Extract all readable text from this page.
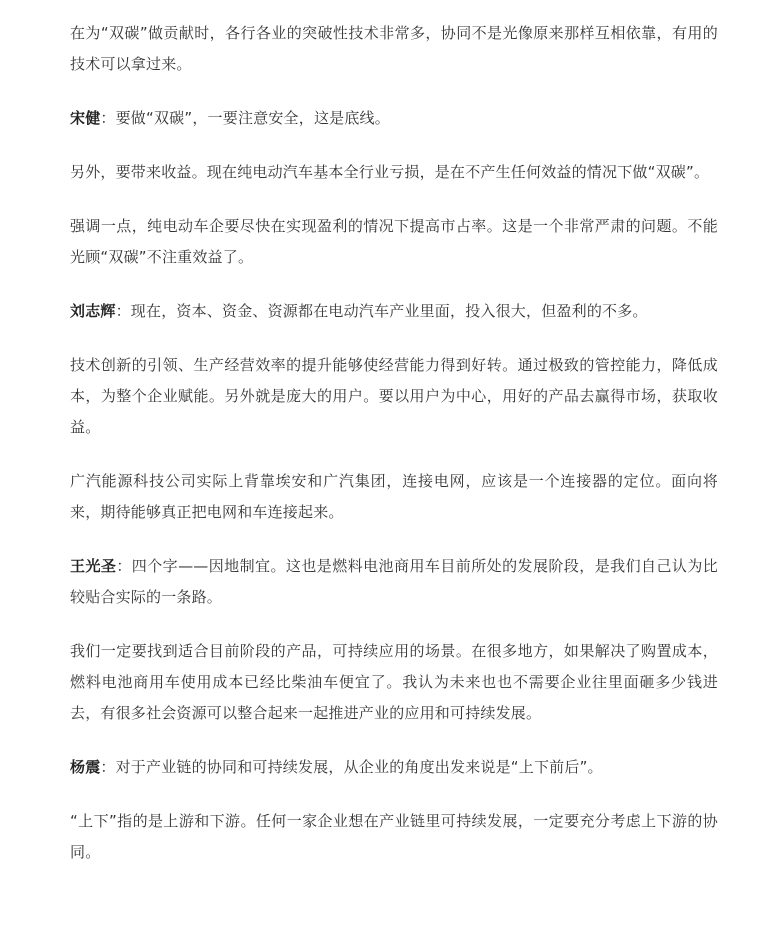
在为“双碳”做贡献时，各行各业的突破性技术非常多，协同不是光像原来那样互相依靠，有用的技术可以拿过来。

宋健：要做“双碳”，一要注意安全，这是底线。

另外，要带来收益。现在纯电动汽车基本全行业亏损，是在不产生任何效益的情况下做“双碳”。

强调一点，纯电动车企要尽快在实现盈利的情况下提高市占率。这是一个非常严肃的问题。不能光顾“双碳”不注重效益了。

刘志辉：现在，资本、资金、资源都在电动汽车产业里面，投入很大，但盈利的不多。

技术创新的引领、生产经营效率的提升能够使经营能力得到好转。通过极致的管控能力，降低成本，为整个企业赋能。另外就是庞大的用户。要以用户为中心，用好的产品去赢得市场，获取收益。

广汽能源科技公司实际上背靠埃安和广汽集团，连接电网，应该是一个连接器的定位。面向将来，期待能够真正把电网和车连接起来。

王光圣：四个字——因地制宜。这也是燃料电池商用车目前所处的发展阶段，是我们自己认为比较贴合实际的一条路。

我们一定要找到适合目前阶段的产品，可持续应用的场景。在很多地方，如果解决了购置成本，燃料电池商用车使用成本已经比柴油车便宜了。我认为未来也也不需要企业往里面砸多少钱进去，有很多社会资源可以整合起来一起推进产业的应用和可持续发展。

杨震：对于产业链的协同和可持续发展，从企业的角度出发来说是“上下前后”。

“上下”指的是上游和下游。任何一家企业想在产业链里可持续发展，一定要充分考虑上下游的协同。
